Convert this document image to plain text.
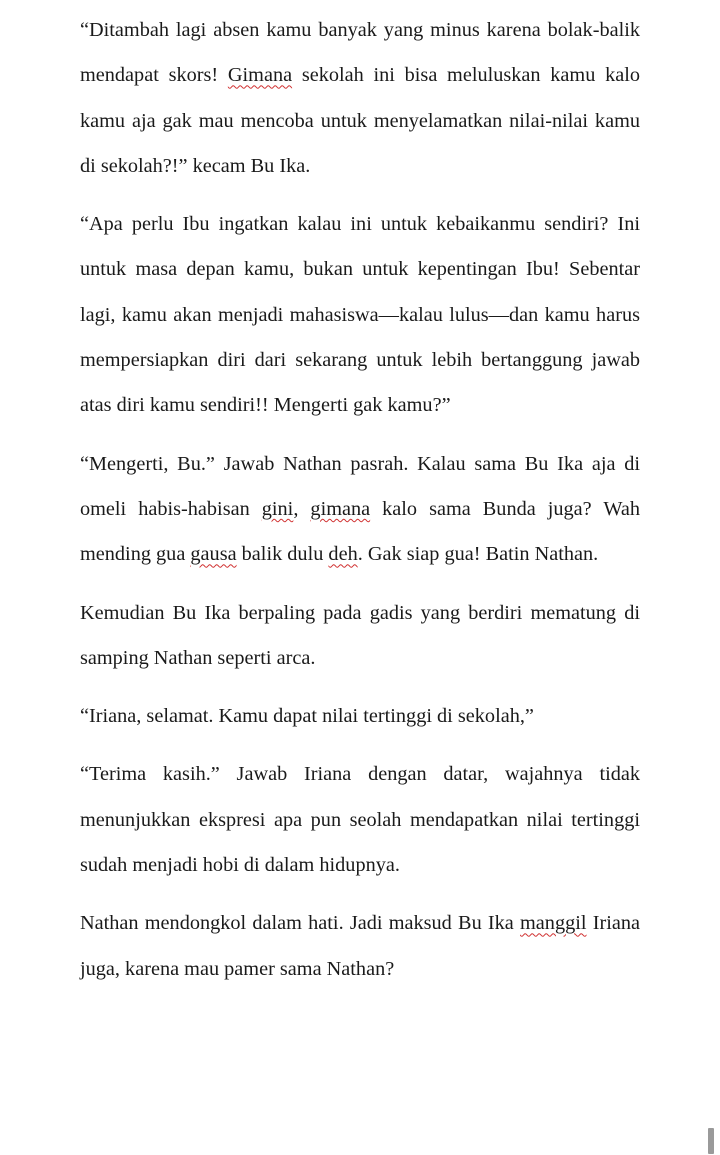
“Ditambah lagi absen kamu banyak yang minus karena bolak-balik mendapat skors! Gimana sekolah ini bisa meluluskan kamu kalo kamu aja gak mau mencoba untuk menyelamatkan nilai-nilai kamu di sekolah?!” kecam Bu Ika.

“Apa perlu Ibu ingatkan kalau ini untuk kebaikanmu sendiri? Ini untuk masa depan kamu, bukan untuk kepentingan Ibu! Sebentar lagi, kamu akan menjadi mahasiswa—kalau lulus—dan kamu harus mempersiapkan diri dari sekarang untuk lebih bertanggung jawab atas diri kamu sendiri!! Mengerti gak kamu?”

“Mengerti, Bu.” Jawab Nathan pasrah. Kalau sama Bu Ika aja di omeli habis-habisan gini, gimana kalo sama Bunda juga? Wah mending gua gausa balik dulu deh. Gak siap gua! Batin Nathan.

Kemudian Bu Ika berpaling pada gadis yang berdiri mematung di samping Nathan seperti arca.

“Iriana, selamat. Kamu dapat nilai tertinggi di sekolah,”

“Terima kasih.” Jawab Iriana dengan datar, wajahnya tidak menunjukkan ekspresi apa pun seolah mendapatkan nilai tertinggi sudah menjadi hobi di dalam hidupnya.

Nathan mendongkol dalam hati. Jadi maksud Bu Ika manggil Iriana juga, karena mau pamer sama Nathan?
